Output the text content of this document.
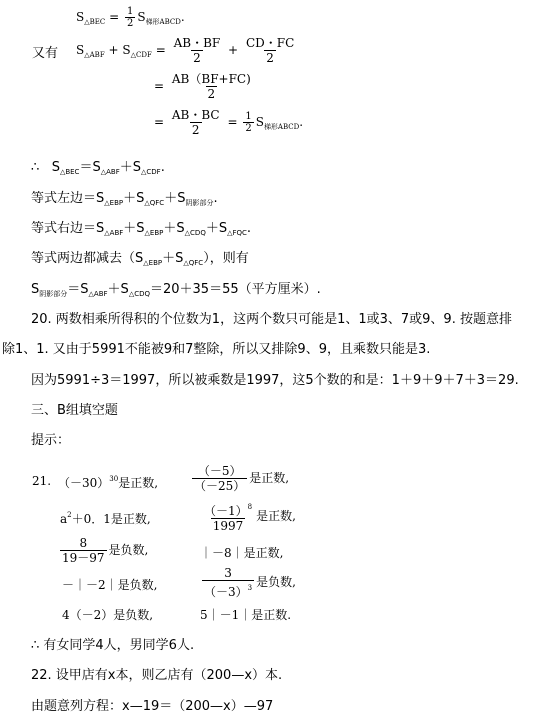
$S_{\triangle BEC} = \frac{1}{2} S_{梯形ABCD}$.
又有 $S_{\triangle ABF} + S_{\triangle CDF} = \frac{AB・BF}{2} + \frac{CD・FC}{2}$
= $\frac{AB(BF+FC)}{2}$
= $\frac{AB・BC}{2} = \frac{1}{2} S_{梯形ABCD}$.
∴ $S_{\triangle BEC}=S_{\triangle ABF}+S_{\triangle CDF}$.
等式左边$=S_{\triangle EBP}+S_{\triangle QFC}+S_{阴影部分}$.
等式右边$=S_{\triangle ABF}+S_{\triangle EBP}+S_{\triangle CDQ}+S_{\triangle FQC}$.
等式两边都减去$(S_{\triangle EBP}+S_{\triangle QFC})$，则有
$S_{阴影部分}=S_{\triangle ABF}+S_{\triangle CDQ}=20+35=55$（平方厘米）.
20. 两数相乘所得积的个位数为1，这两个数只可能是1、1或3、7或9、9. 按题意排
除1、1. 又由于5991不能被9和7整除，所以又排除9、9，且乘数只能是3.
因为5991÷3＝1997，所以被乘数是1997，这5个数的和是：1＋9＋9＋7＋3＝29.
三、B组填空题
提示：
21. $(-30)^{30}$是正数,	$\frac{(-5)}{(-25)}$ 是正数,
$a^2+0$．1是正数,	$\frac{(-1)^8}{1997}$ 是正数,
$\frac{8}{19-97}$ 是负数,	｜－8｜是正数,
－｜－2｜是负数,	$\frac{3}{(-3)^3}$ 是负数,
4（－2）是负数,	5｜－1｜是正数.
∴ 有女同学4人，男同学6人.
22. 设甲店有x本，则乙店有（200—x）本.
由题意列方程：x—19＝（200—x）—97
